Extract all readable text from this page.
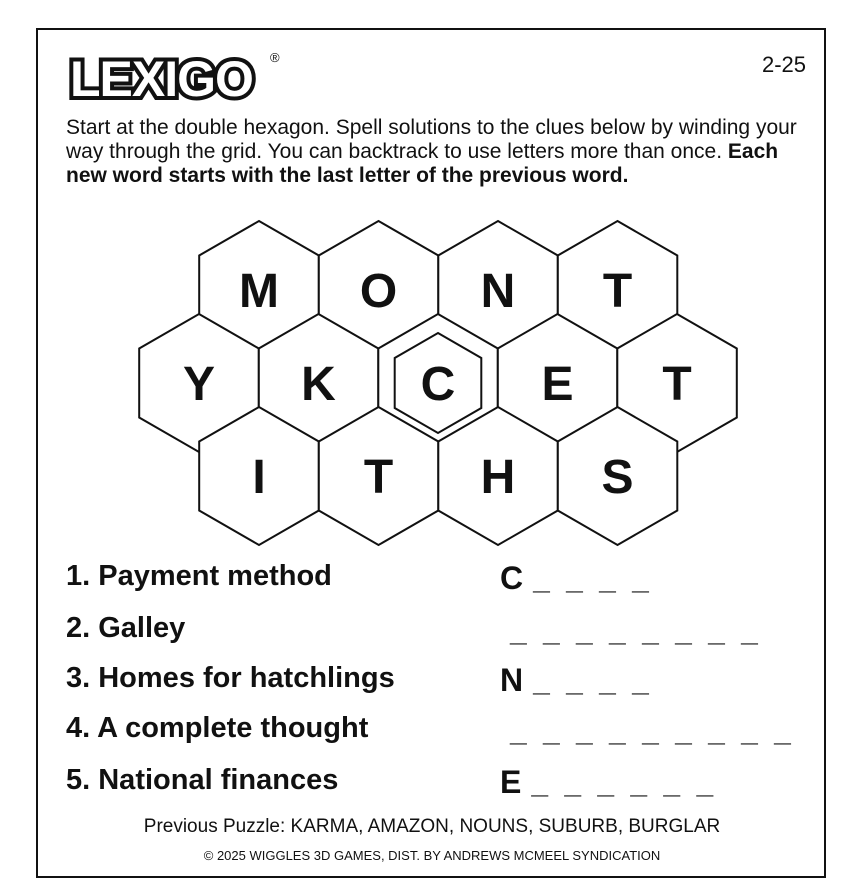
LEXIGO ®	2-25
Start at the double hexagon. Spell solutions to the clues below by winding your way through the grid. You can backtrack to use letters more than once. Each new word starts with the last letter of the previous word.
M O N T
Y K C E T
I T H S
1. Payment method	C _ _ _ _
2. Galley	_ _ _ _ _ _ _ _
3. Homes for hatchlings	N _ _ _ _
4. A complete thought	_ _ _ _ _ _ _ _ _
5. National finances	E _ _ _ _ _ _
Previous Puzzle: KARMA, AMAZON, NOUNS, SUBURB, BURGLAR
© 2025 WIGGLES 3D GAMES, DIST. BY ANDREWS MCMEEL SYNDICATION
